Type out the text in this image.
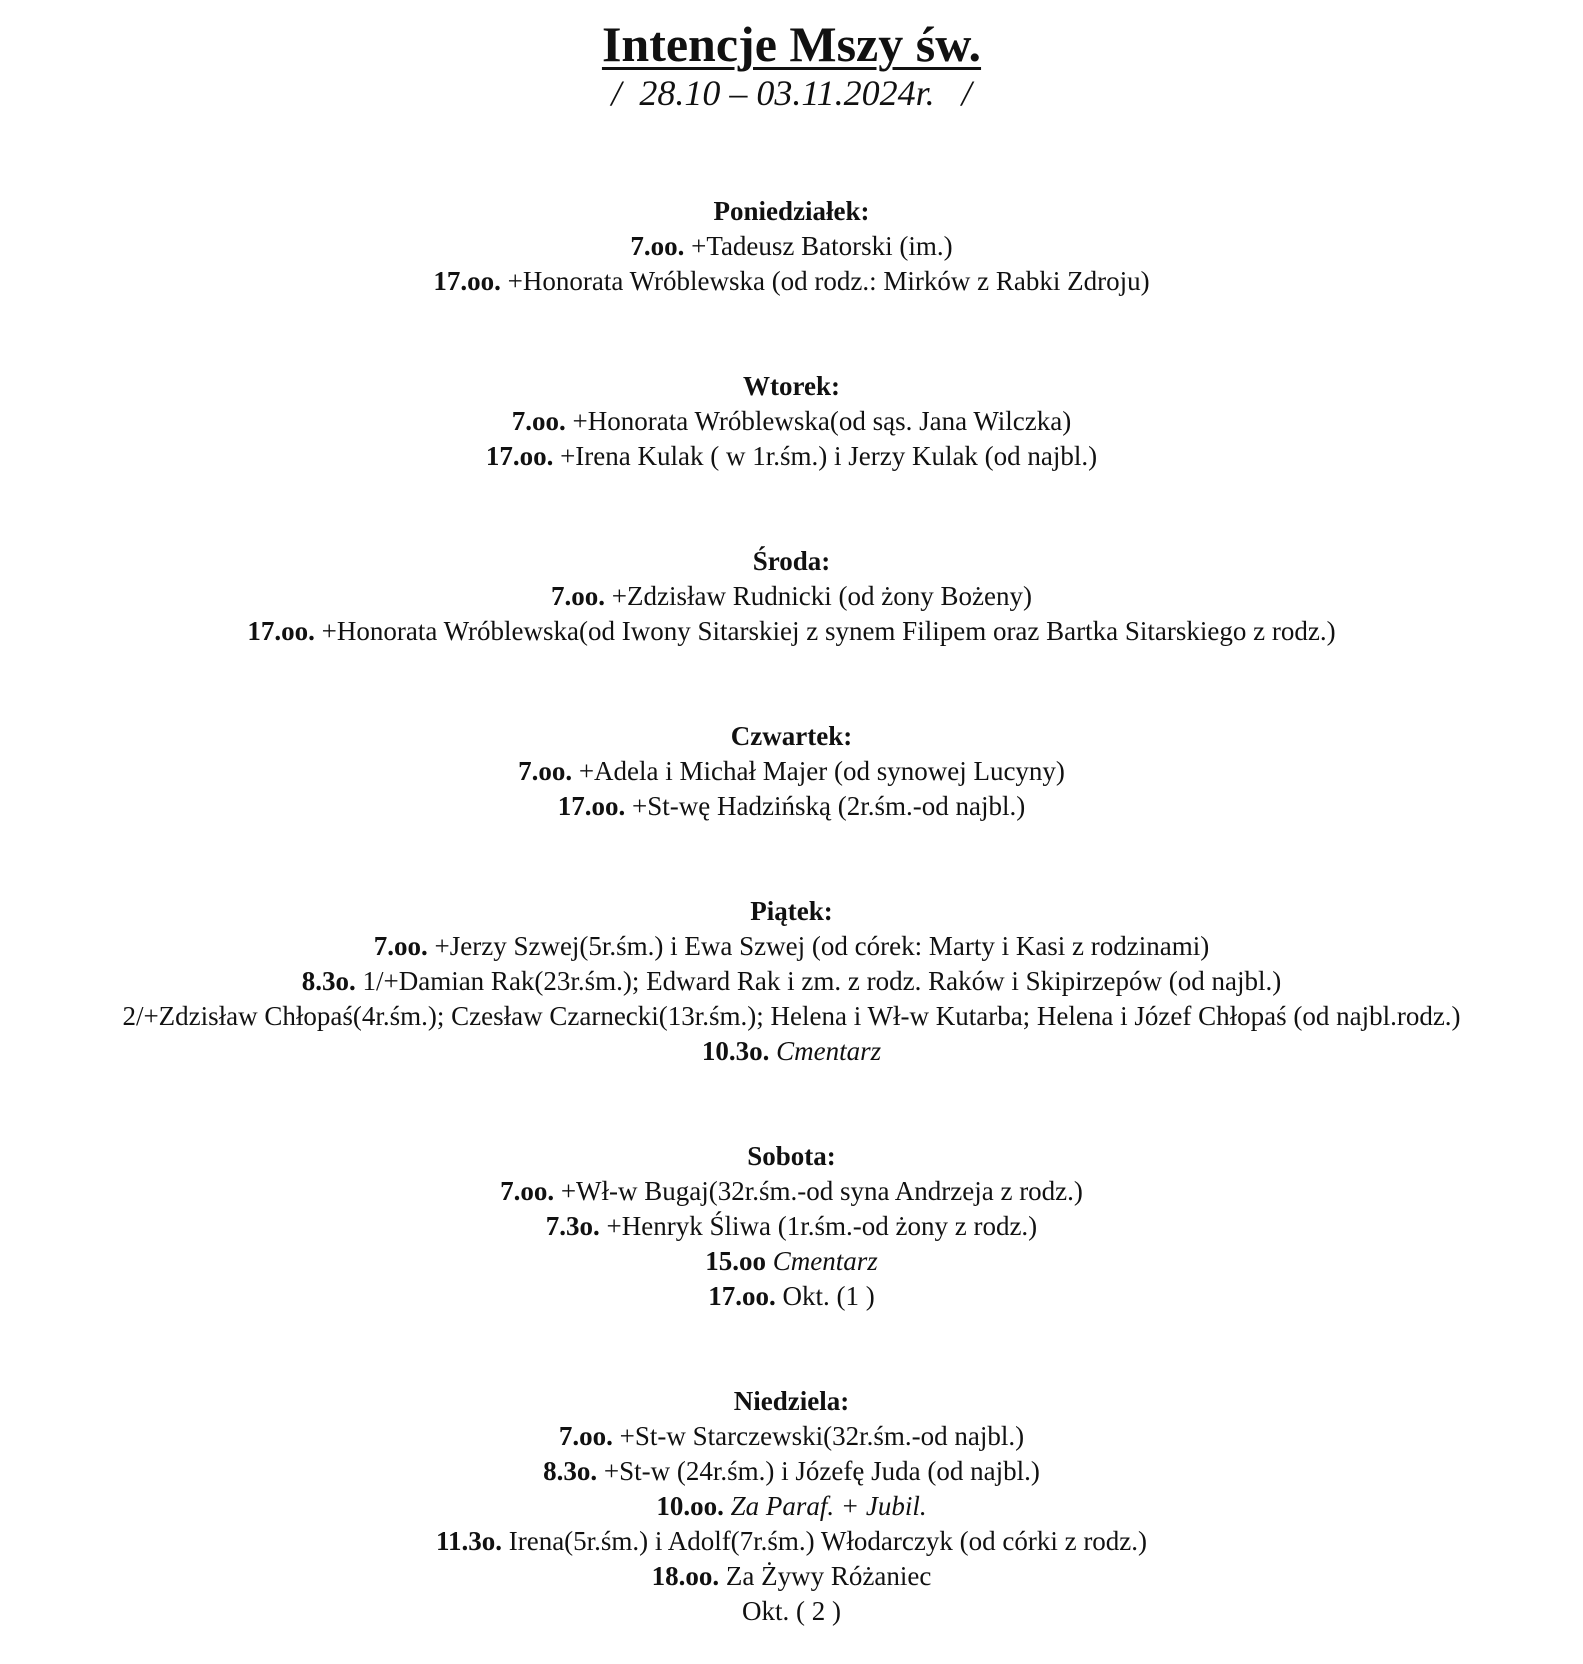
Intencje Mszy św.
/  28.10 – 03.11.2024r.   /
Poniedziałek:
7.oo. +Tadeusz Batorski (im.)
17.oo. +Honorata Wróblewska (od rodz.: Mirków z Rabki Zdroju)
Wtorek:
7.oo. +Honorata Wróblewska(od sąs. Jana Wilczka)
17.oo. +Irena Kulak ( w 1r.śm.) i Jerzy Kulak (od najbl.)
Środa:
7.oo. +Zdzisław Rudnicki (od żony Bożeny)
17.oo. +Honorata Wróblewska(od Iwony Sitarskiej z synem Filipem oraz Bartka Sitarskiego z rodz.)
Czwartek:
7.oo. +Adela i Michał Majer (od synowej Lucyny)
17.oo. +St-wę Hadzińską (2r.śm.-od najbl.)
Piątek:
7.oo. +Jerzy Szwej(5r.śm.) i Ewa Szwej (od córek: Marty i Kasi z rodzinami)
8.3o. 1/+Damian Rak(23r.śm.); Edward Rak i zm. z rodz. Raków i Skipirzepów (od najbl.)
2/+Zdzisław Chłopaś(4r.śm.); Czesław Czarnecki(13r.śm.); Helena i Wł-w Kutarba; Helena i Józef Chłopaś (od najbl.rodz.)
10.3o. Cmentarz
Sobota:
7.oo. +Wł-w Bugaj(32r.śm.-od syna Andrzeja z rodz.)
7.3o. +Henryk Śliwa (1r.śm.-od żony z rodz.)
15.oo Cmentarz
17.oo. Okt. (1 )
Niedziela:
7.oo. +St-w Starczewski(32r.śm.-od najbl.)
8.3o. +St-w (24r.śm.) i Józefę Juda (od najbl.)
10.oo. Za Paraf. + Jubil.
11.3o. Irena(5r.śm.) i Adolf(7r.śm.) Włodarczyk (od córki z rodz.)
18.oo. Za Żywy Różaniec
Okt. ( 2 )
